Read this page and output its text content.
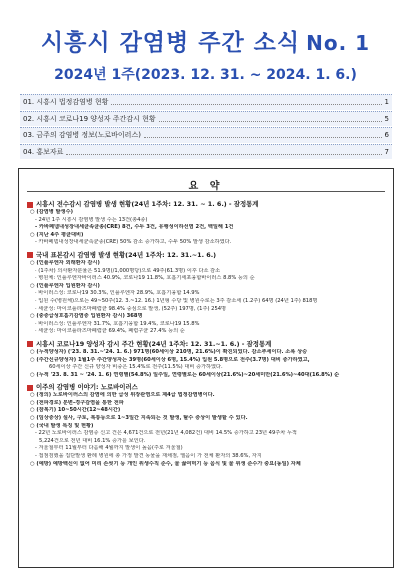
시흥시 감염병 주간 소식 No. 1
2024년 1주(2023. 12. 31. ~ 2024. 1. 6.)
01. 시흥시 법정감염병 현황	1
02. 시흥시 코로나19 양성자 주간감시 현황	5
03. 금주의 감염병 정보(노로바이러스)	6
04. 홍보자료	7
요 약
시흥시 전수감시 감염병 발생 현황(24년 1주차: 12. 31. ~ 1. 6.) - 잠정통계
○ (감염병 발생수)
- 24년 1주 시흥시 감염병 발생 수는 13건(총4종)
- 카바페넴내성장내세균속균종(CRE) 8건, 수두 3건, 유행성이하선염 2건, 백일해 1건
○ (지난 4주 평균대비)
- 카바페넴내성장내세균속균종(CRE) 50% 감소 증가하고, 수두 50% 발생 감소하였다.
국내 표본감시 감염병 발생 현황(24년 1주차: 12. 31.~1. 6.)
○ (인플루엔자 외래환자 감시)
· (1주차) 의사환자분율은 51.9명(/1,000명당)으로 49주(61.3명) 이후 다소 감소
· 병원체: 인플루엔자바이러스 40.9%, 코로나19 11.8%, 호흡기세포융합바이러스 8.8% 등의 순
○ (인플루엔자 입원환자 감시)
· 바이러스성: 코로나19 30.3%, 인플루엔자 28.9%, 호흡기융합 14.9%
· 입원 수(병원체)으로는 49~50주(12. 3.~12. 16.) 1년형 수당 및 병원수로는 3주 감소세 (1.2주) 64명 (24년 1주) 818명
· 세균성: 마이코플라즈마폐렴균 98.4% 중심으로 발생, (52주) 197명, (1주) 254명
○ (중증급성호흡기감염증 입원환자 감시) 368명
· 바이러스성: 인플루엔자 31.7%, 호흡기융합 19.4%, 코로나19 15.8%
· 세균성: 마이코플라즈마폐렴균 69.4%, 폐렴구균 27.4% 등의 순
시흥시 코로나19 양성자 감시 주간 현황(24년 1주차: 12. 31.~1. 6.) - 잠정통계
○ (누적양성자) ('23. 8. 31.~'24. 1. 6.) 971명(60세이상 210명, 21.6%)이 확진되었다. 감소추세이다. 소폭 상승
○ (주간신규양성자) 1월1주 주간양성자는 39명(60세이상 6명, 15.4%) 입원 5.8명으로 전주(3.7명) 대비 증가하였고,
60세이상 주간 신규 양성자 비중은 15.4%로 전주(11.5%) 대비 증가하였다.
○ (누적 '23. 8. 31 ~ '24. 1. 6) 연령별(54.8%) 일주일, 연령별로는 60세이상(21.6%)~20세미만(21.6%)~40대(16.8%) 순
이주의 감염병 이야기: 노로바이러스
○ (정의) 노로바이러스의 감염에 의한 급성 위장관염으로 제4급 법정감염병이다.
○ (전파경로) 분변-경구감염을 통한 전파
○ (잠복기) 10~50시간(12~48시간)
○ (임상증상) 설사, 구토, 복통등으로 1~3일간 지속되는 것 발생, 탈수 증상이 발생할 수 있다.
○ (국내 발생 특징 및 현황)
- 22년 노로바이러스 감염증 신고 건은 4,671건으로 전년(21년 4,082건) 대비 14.5% 증가하고 23년 49주차 누적
5,224건으로 전년 대비 16.1% 증가를 보인다.
- 겨울철부터 11월부터 다음해 4월까지 발생이 높음(주로 겨울철)
- 접점검했을 집단발생 환례 병원에 총 가정 발견 동물을 재채점, 엘음이 가 전체 환자의 38.6%, 자지
○ (예방) 예방백신이 없어 미리 손씻기 등 개인 위생수칙 준수, 물 끓여먹기 등 음식 및 물 위생 준수가 중요(동일) 자체
